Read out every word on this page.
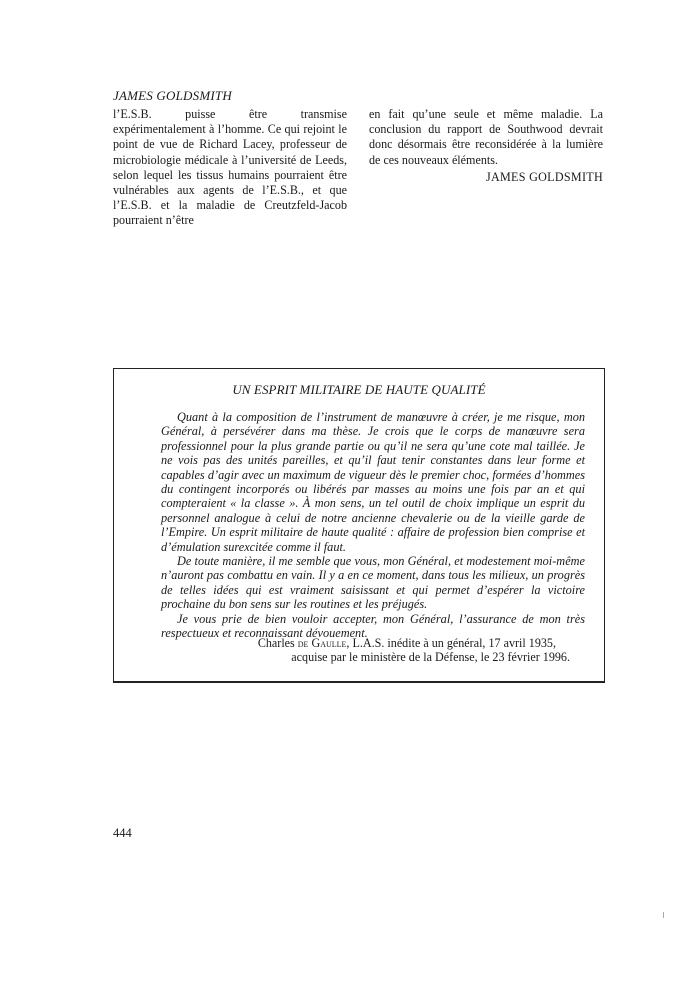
JAMES GOLDSMITH
l’E.S.B. puisse être transmise expérimentalement à l’homme. Ce qui rejoint le point de vue de Richard Lacey, professeur de microbiologie médicale à l’université de Leeds, selon lequel les tissus humains pourraient être vulnérables aux agents de l’E.S.B., et que l’E.S.B. et la maladie de Creutzfeld-Jacob pourraient n’être
en fait qu’une seule et même maladie. La conclusion du rapport de Southwood devrait donc désormais être reconsidérée à la lumière de ces nouveaux éléments.
JAMES GOLDSMITH
UN ESPRIT MILITAIRE DE HAUTE QUALITÉ

Quant à la composition de l’instrument de manœuvre à créer, je me risque, mon Général, à persévérer dans ma thèse. Je crois que le corps de manœuvre sera professionnel pour la plus grande partie ou qu’il ne sera qu’une cote mal taillée. Je ne vois pas des unités pareilles, et qu’il faut tenir constantes dans leur forme et capables d’agir avec un maximum de vigueur dès le premier choc, formées d’hommes du contingent incorporés ou libérés par masses au moins une fois par an et qui compteraient « la classe ». À mon sens, un tel outil de choix implique un esprit du personnel analogue à celui de notre ancienne chevalerie ou de la vieille garde de l’Empire. Un esprit militaire de haute qualité : affaire de profession bien comprise et d’émulation surexcitée comme il faut.

De toute manière, il me semble que vous, mon Général, et modestement moi-même n’auront pas combattu en vain. Il y a en ce moment, dans tous les milieux, un progrès de telles idées qui est vraiment saisissant et qui permet d’espérer la victoire prochaine du bon sens sur les routines et les préjugés.

Je vous prie de bien vouloir accepter, mon Général, l’assurance de mon très respectueux et reconnaissant dévouement.

Charles de Gaulle, L.A.S. inédite à un général, 17 avril 1935,
acquise par le ministère de la Défense, le 23 février 1996.
444
